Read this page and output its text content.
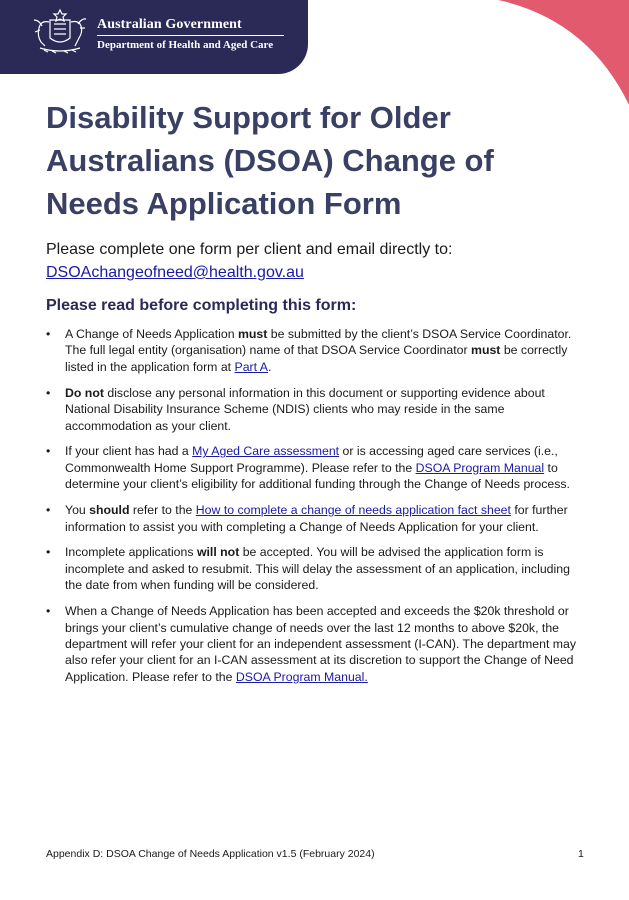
Australian Government
Department of Health and Aged Care
Disability Support for Older Australians (DSOA) Change of Needs Application Form
Please complete one form per client and email directly to:
DSOAchangeofneed@health.gov.au
Please read before completing this form:
• A Change of Needs Application must be submitted by the client’s DSOA Service Coordinator. The full legal entity (organisation) name of that DSOA Service Coordinator must be correctly listed in the application form at Part A.
• Do not disclose any personal information in this document or supporting evidence about National Disability Insurance Scheme (NDIS) clients who may reside in the same accommodation as your client.
• If your client has had a My Aged Care assessment or is accessing aged care services (i.e., Commonwealth Home Support Programme). Please refer to the DSOA Program Manual to determine your client’s eligibility for additional funding through the Change of Needs process.
• You should refer to the How to complete a change of needs application fact sheet for further information to assist you with completing a Change of Needs Application for your client.
• Incomplete applications will not be accepted. You will be advised the application form is incomplete and asked to resubmit. This will delay the assessment of an application, including the date from when funding will be considered.
• When a Change of Needs Application has been accepted and exceeds the $20k threshold or brings your client’s cumulative change of needs over the last 12 months to above $20k, the department will refer your client for an independent assessment (I-CAN). The department may also refer your client for an I-CAN assessment at its discretion to support the Change of Need Application. Please refer to the DSOA Program Manual.
Appendix D: DSOA Change of Needs Application v1.5 (February 2024)	1
